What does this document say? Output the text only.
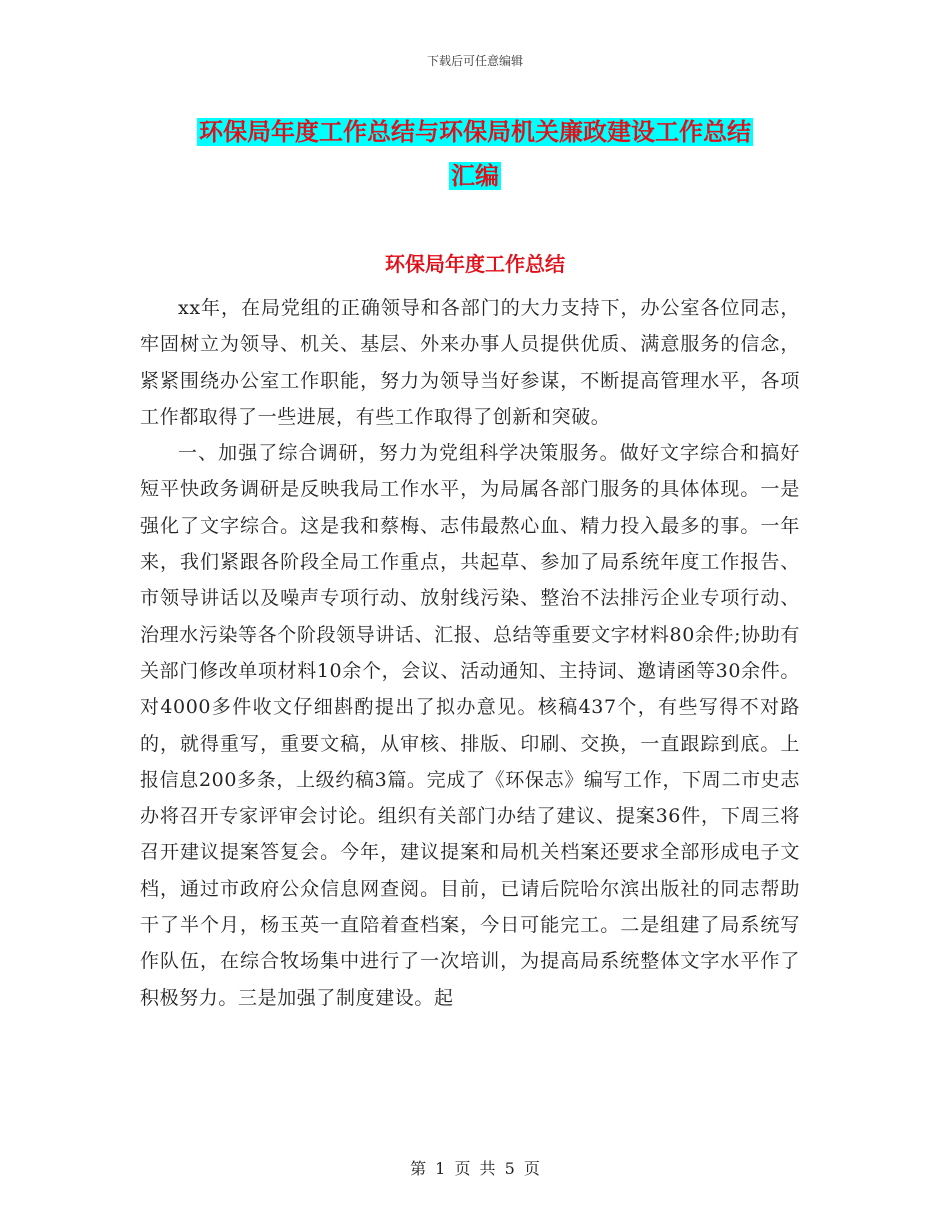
下载后可任意编辑
环保局年度工作总结与环保局机关廉政建设工作总结
汇编
环保局年度工作总结

xx年，在局党组的正确领导和各部门的大力支持下，办公室各位同志，牢固树立为领导、机关、基层、外来办事人员提供优质、满意服务的信念，紧紧围绕办公室工作职能，努力为领导当好参谋，不断提高管理水平，各项工作都取得了一些进展，有些工作取得了创新和突破。

一、加强了综合调研，努力为党组科学决策服务。做好文字综合和搞好短平快政务调研是反映我局工作水平，为局属各部门服务的具体体现。一是强化了文字综合。这是我和蔡梅、志伟最熬心血、精力投入最多的事。一年来，我们紧跟各阶段全局工作重点，共起草、参加了局系统年度工作报告、市领导讲话以及噪声专项行动、放射线污染、整治不法排污企业专项行动、治理水污染等各个阶段领导讲话、汇报、总结等重要文字材料80余件;协助有关部门修改单项材料10余个，会议、活动通知、主持词、邀请函等30余件。对4000多件收文仔细斟酌提出了拟办意见。核稿437个，有些写得不对路的，就得重写，重要文稿，从审核、排版、印刷、交换，一直跟踪到底。上报信息200多条，上级约稿3篇。完成了《环保志》编写工作，下周二市史志办将召开专家评审会讨论。组织有关部门办结了建议、提案36件，下周三将召开建议提案答复会。今年，建议提案和局机关档案还要求全部形成电子文档，通过市政府公众信息网查阅。目前，已请后院哈尔滨出版社的同志帮助干了半个月，杨玉英一直陪着查档案，今日可能完工。二是组建了局系统写作队伍，在综合牧场集中进行了一次培训，为提高局系统整体文字水平作了积极努力。三是加强了制度建设。起

第 1 页 共 5 页
